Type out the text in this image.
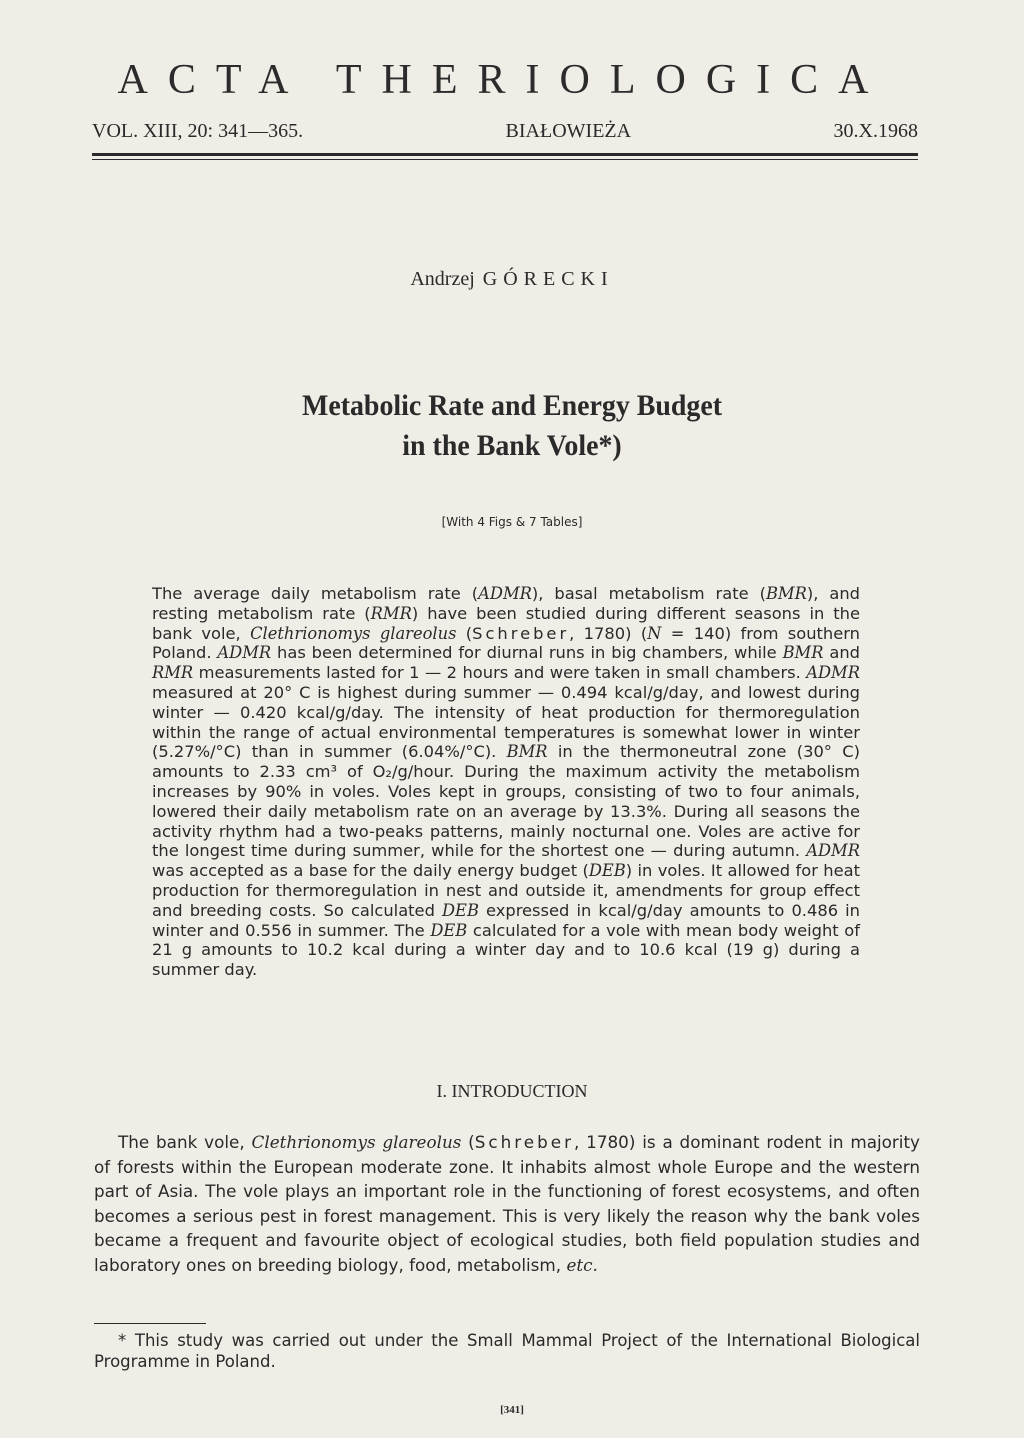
ACTA THERIOLOGICA
VOL. XIII, 20: 341—365.	BIAŁOWIEŻA	30.X.1968
Andrzej GÓRECKI
Metabolic Rate and Energy Budget
in the Bank Vole*)
[With 4 Figs & 7 Tables]

The average daily metabolism rate (ADMR), basal metabolism rate (BMR), and resting metabolism rate (RMR) have been studied during different seasons in the bank vole, Clethrionomys glareolus (Schreber, 1780) (N = 140) from southern Poland. ADMR has been determined for diurnal runs in big chambers, while BMR and RMR measurements lasted for 1 — 2 hours and were taken in small chambers. ADMR measured at 20° C is highest during summer — 0.494 kcal/g/day, and lowest during winter — 0.420 kcal/g/day. The intensity of heat production for thermoregulation within the range of actual environmental temperatures is somewhat lower in winter (5.27%/°C) than in summer (6.04%/°C). BMR in the thermoneutral zone (30° C) amounts to 2.33 cm³ of O₂/g/hour. During the maximum activity the metabolism increases by 90% in voles. Voles kept in groups, consisting of two to four animals, lowered their daily metabolism rate on an average by 13.3%. During all seasons the activity rhythm had a two-peaks patterns, mainly nocturnal one. Voles are active for the longest time during summer, while for the shortest one — during autumn. ADMR was accepted as a base for the daily energy budget (DEB) in voles. It allowed for heat production for thermoregulation in nest and outside it, amendments for group effect and breeding costs. So calculated DEB expressed in kcal/g/day amounts to 0.486 in winter and 0.556 in summer. The DEB calculated for a vole with mean body weight of 21 g amounts to 10.2 kcal during a winter day and to 10.6 kcal (19 g) during a summer day.

I. INTRODUCTION

The bank vole, Clethrionomys glareolus (Schreber, 1780) is a dominant rodent in majority of forests within the European moderate zone. It inhabits almost whole Europe and the western part of Asia. The vole plays an important role in the functioning of forest ecosystems, and often becomes a serious pest in forest management. This is very likely the reason why the bank voles became a frequent and favourite object of ecological studies, both field population studies and laboratory ones on breeding biology, food, metabolism, etc.

* This study was carried out under the Small Mammal Project of the International Biological Programme in Poland.

[341]
